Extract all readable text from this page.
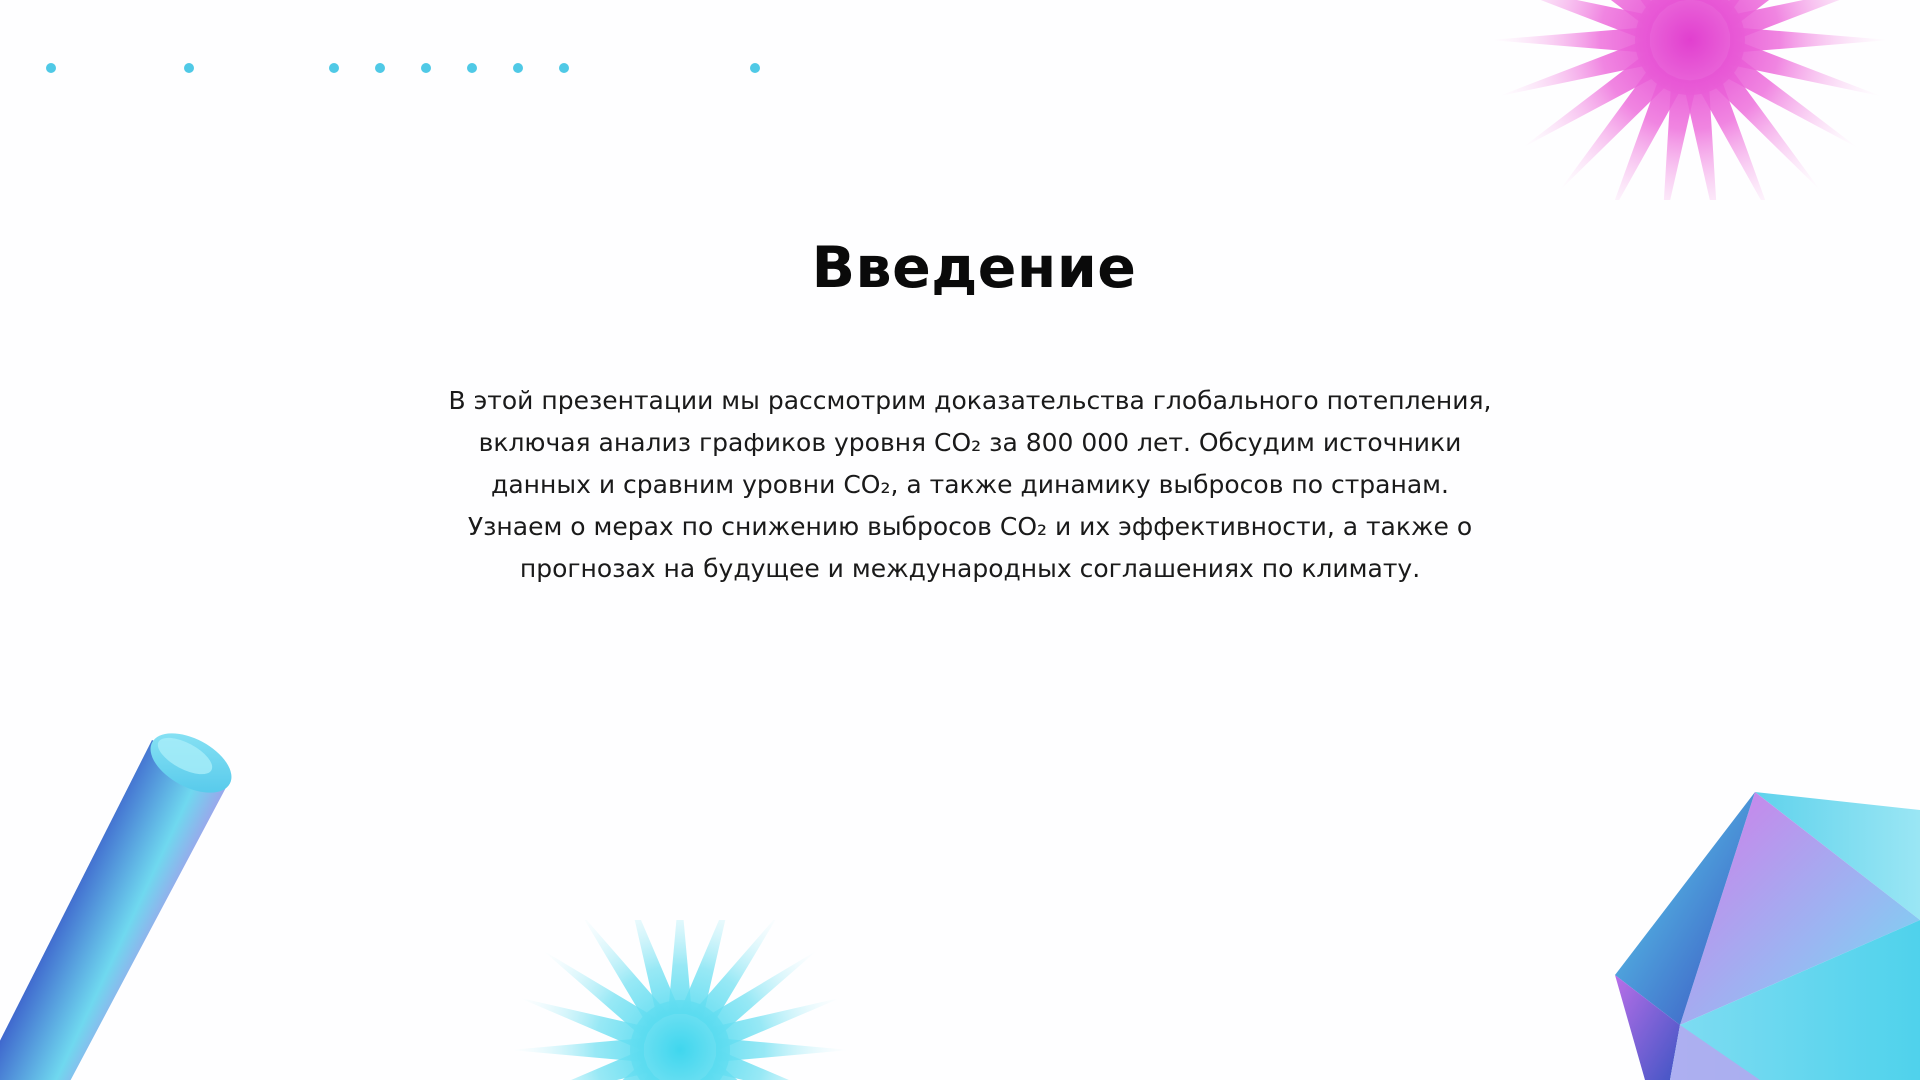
Введение
В этой презентации мы рассмотрим доказательства глобального потепления, включая анализ графиков уровня CO₂ за 800 000 лет. Обсудим источники данных и сравним уровни CO₂, а также динамику выбросов по странам. Узнаем о мерах по снижению выбросов CO₂ и их эффективности, а также о прогнозах на будущее и международных соглашениях по климату.
